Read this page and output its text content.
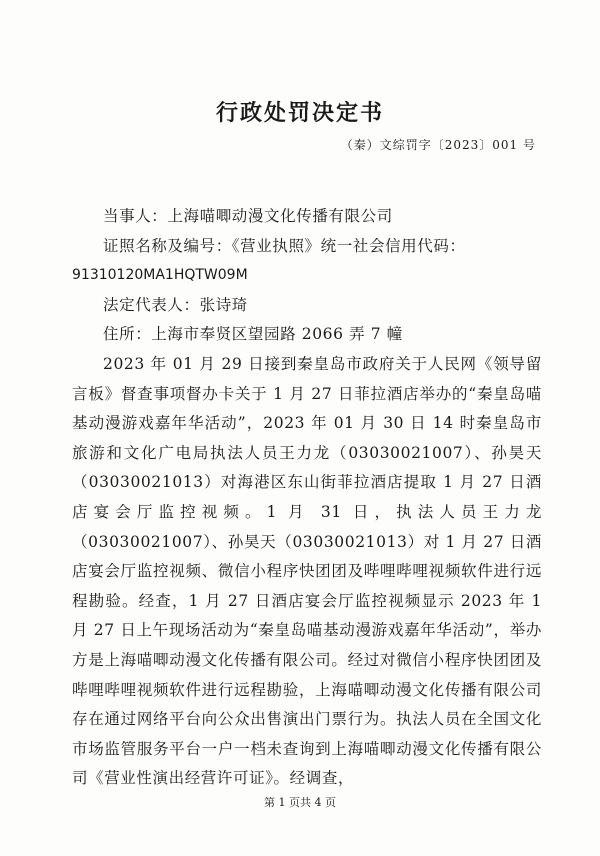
行政处罚决定书
（秦）文综罚字〔2023〕001 号

当事人：上海喵唧动漫文化传播有限公司

证照名称及编号：《营业执照》统一社会信用代码：

91310120MA1HQTW09M

法定代表人：张诗琦

住所：上海市奉贤区望园路 2066 弄 7 幢

2023 年 01 月 29 日接到秦皇岛市政府关于人民网《领导留言板》督查事项督办卡关于 1 月 27 日菲拉酒店举办的“秦皇岛喵基动漫游戏嘉年华活动”，2023 年 01 月 30 日 14 时秦皇岛市旅游和文化广电局执法人员王力龙（03030021007）、孙昊天（03030021013）对海港区东山街菲拉酒店提取 1 月 27 日酒店宴会厅监控视频。1 月 31 日，执法人员王力龙（03030021007）、孙昊天（03030021013）对 1 月 27 日酒店宴会厅监控视频、微信小程序快团团及哔哩哔哩视频软件进行远程勘验。经查，1 月 27 日酒店宴会厅监控视频显示 2023 年 1 月 27 日上午现场活动为“秦皇岛喵基动漫游戏嘉年华活动”，举办方是上海喵唧动漫文化传播有限公司。经过对微信小程序快团团及哔哩哔哩视频软件进行远程勘验，上海喵唧动漫文化传播有限公司存在通过网络平台向公众出售演出门票行为。执法人员在全国文化市场监管服务平台一户一档未查询到上海喵唧动漫文化传播有限公司《营业性演出经营许可证》。经调查，

第 1 页共 4 页
